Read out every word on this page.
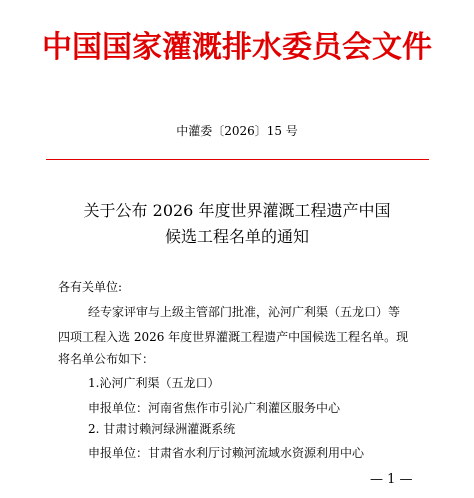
中国国家灌溉排水委员会文件
中灌委〔2026〕15 号
关于公布 2026 年度世界灌溉工程遗产中国
候选工程名单的通知
各有关单位:
经专家评审与上级主管部门批准，沁河广利渠（五龙口）等
四项工程入选 2026 年度世界灌溉工程遗产中国候选工程名单。现
将名单公布如下：
1.沁河广利渠（五龙口）
申报单位：河南省焦作市引沁广利灌区服务中心
2. 甘肃讨赖河绿洲灌溉系统
申报单位：甘肃省水利厅讨赖河流域水资源利用中心
— 1 —
